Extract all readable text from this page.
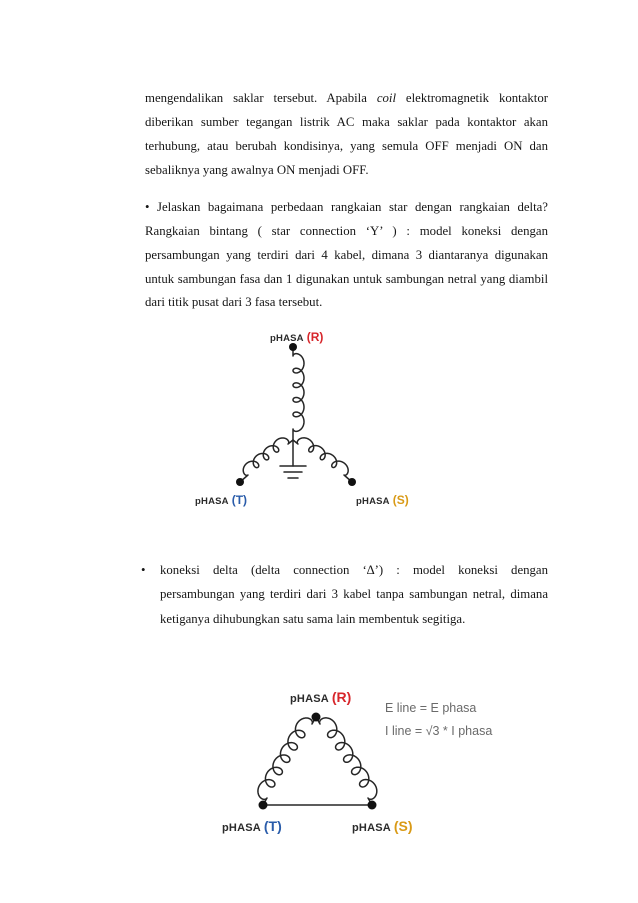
mengendalikan saklar tersebut. Apabila coil elektromagnetik kontaktor
diberikan sumber tegangan listrik AC maka saklar pada kontaktor akan
terhubung, atau berubah kondisinya, yang semula OFF menjadi ON dan
sebaliknya yang awalnya ON menjadi OFF.
• Jelaskan bagaimana perbedaan rangkaian star dengan rangkaian delta?
Rangkaian bintang ( star connection ‘Y’ ) : model koneksi dengan
persambungan yang terdiri dari 4 kabel, dimana 3 diantaranya digunakan
untuk sambungan fasa dan 1 digunakan untuk sambungan netral yang diambil
dari titik pusat dari 3 fasa tersebut.
pHASA (R)
pHASA (T)	pHASA (S)
• koneksi delta (delta connection ‘∆’) : model koneksi dengan
persambungan yang terdiri dari 3 kabel tanpa sambungan netral, dimana
ketiganya dihubungkan satu sama lain membentuk segitiga.
pHASA (R)
pHASA (T)	pHASA (S)
E line = E phasa
I line = √3 * I phasa
